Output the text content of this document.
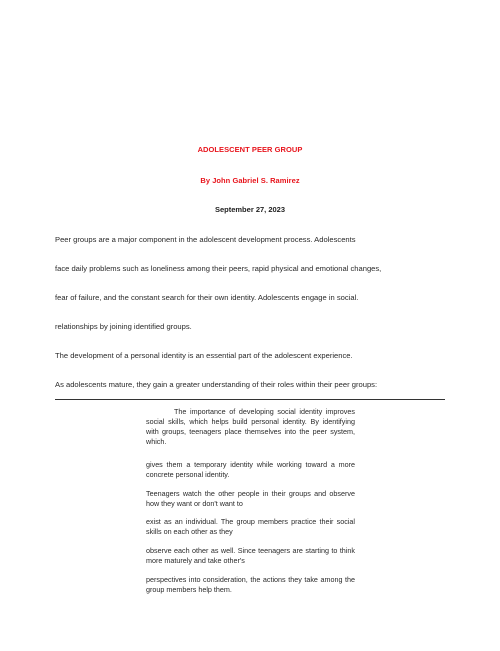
ADOLESCENT PEER GROUP
By John Gabriel S. Ramirez
September 27, 2023
Peer groups are a major component in the adolescent development process. Adolescents
face daily problems such as loneliness among their peers, rapid physical and emotional changes,
fear of failure, and the constant search for their own identity. Adolescents engage in social.
relationships by joining identified groups.
The development of a personal identity is an essential part of the adolescent experience.
As adolescents mature, they gain a greater understanding of their roles within their peer groups:
The importance of developing social identity improves social skills, which helps build personal identity. By identifying with groups, teenagers place themselves into the peer system, which.
gives them a temporary identity while working toward a more concrete personal identity.
Teenagers watch the other people in their groups and observe how they want or don't want to
exist as an individual. The group members practice their social skills on each other as they
observe each other as well. Since teenagers are starting to think more maturely and take other's
perspectives into consideration, the actions they take among the group members help them.
